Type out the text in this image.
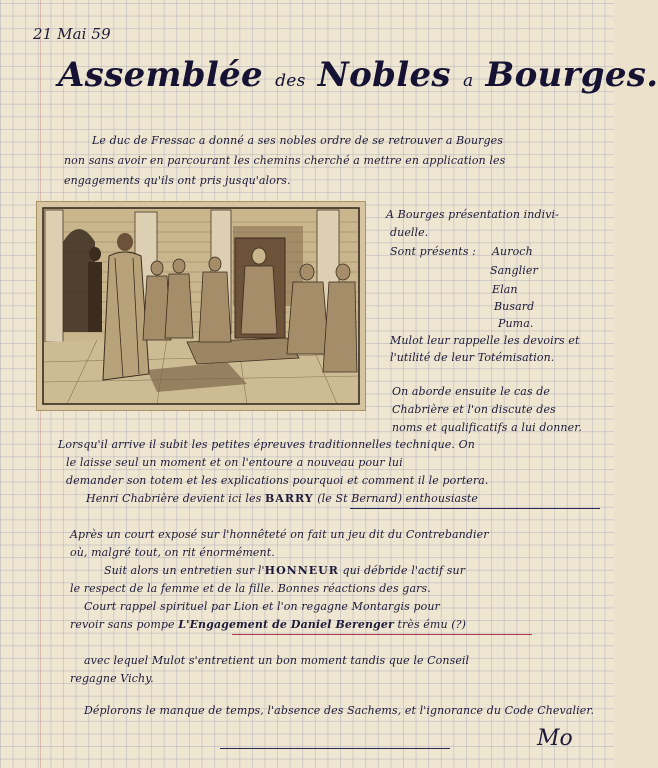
21 Mai 59
Assemblée des Nobles a Bourges.
Le duc de Fressac a donné a ses nobles ordre de se retrouver a Bourges
non sans avoir en parcourant les chemins cherché a mettre en application les
engagements qu'ils ont pris jusqu'alors.
A Bourges présentation indivi-
duelle.
Sont présents : Auroch
Sanglier
Elan
Busard
Puma.
Mulot leur rappelle les devoirs et
l'utilité de leur Totémisation.
On aborde ensuite le cas de
Chabrière et l'on discute des
noms et qualificatifs a lui donner.
Lorsqu'il arrive il subit les petites épreuves traditionnelles technique. On
le laisse seul un moment et on l'entoure a nouveau pour lui
demander son totem et les explications pourquoi et comment il le portera.
Henri Chabrière devient ici les BARRY (le St Bernard) enthousiaste
Après un court exposé sur l'honnêteté on fait un jeu dit du Contrebandier
où, malgré tout, on rit énormément.
Suit alors un entretien sur l'HONNEUR qui débride l'actif sur
le respect de la femme et de la fille. Bonnes réactions des gars.
Court rappel spirituel par Lion et l'on regagne Montargis pour
revoir sans pompe L'Engagement de Daniel Berenger très ému (?)
avec lequel Mulot s'entretient un bon moment tandis que le Conseil
regagne Vichy.
Déplorons le manque de temps, l'absence des Sachems, et l'ignorance du Code Chevalier.
Mo
